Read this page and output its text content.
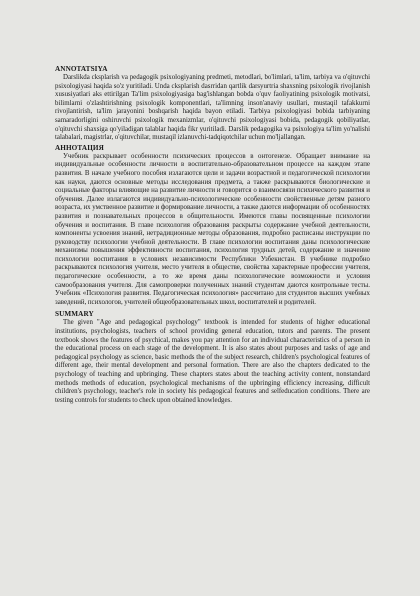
ANNOTATSIYA

Darslikda cksplarish va pedagogik psixologiyaning predmeti, metodlari, bo'limlari, ta'lim, tarbiya va o'qituvchi psixologiyasi haqida so'z yuritiladi. Unda cksplarish dasrridan qartlik darsyurtria shaxsning psixologik rivojlanish xususiyatlari aks ettirilgan Ta'lim psixologiyasiga bag'ishlangan bobda o'quv faoliyatining psixologik motivatsi, bilimlarni o'zlashtirishning psixologik komponentlari, ta'limning inson'anaviy usullari, mustaqil tafakkurni rivojlantirish, ta'lim jarayonini boshqarish haqida bayon etiladi. Tarbiya psixologiyasi bobida tarbiyaning samaradorligini oshiruvchi psixologik mexanizmlar, o'qituvchi psixologiyasi bobida, pedagogik qobiliyatlar, o'qituvchi shaxsiga qo'yiladigan talablar haqida fikr yuritiladi. Darslik pedagogika va psixologiya ta'lim yo'nalishi talabalari, magistrlar, o'qituvchilar, mustaqil izlanuvchi-tadqiqotchilar uchun mo'ljallangan.

АННОТАЦИЯ

Учебник раскрывает особенности психических процессов в онтогенезе. Обращает внимание на индивидуальные особенности личности в воспитательно-образовательном процессе на каждом этапе развития. В начале учебного пособия излагаются цели и задачи возрастной и педагогической психологии как науки, даются основные методы исследования предмета, а также раскрываются биологические и социальные факторы влияющие на развитие личности и говорится о взаимосвязи психического развития и обучения. Далее излагаются индивидуально-психологические особенности свойственные детям разного возраста, их умственное развитие и формирование личности, а также даются информации об особенностях развития и познавательных процессов в общительности. Имеются главы посвященные психологии обучения и воспитания. В главе психология образования раскрыты содержание учебной деятельности, компоненты усвоения знаний, нетрадиционные методы образования, подробно расписаны инструкции по руководству психологии учебной деятельности. В главе психологии воспитания даны психологические механизмы повышения эффективности воспитания, психология трудных детей, содержание и значение психологии воспитания в условиях независимости Республики Узбекистан. В учебнике подробно раскрываются психология учителя, место учителя в обществе, свойства характерные профессии учителя, педагогические особенности, а то же время даны психологические возможности и условия самообразования учителя. Для самопроверки полученных знаний студентам даются контрольные тесты. Учебник «Психология развития. Педагогическая психология» рассчитано для студентов высших учебных заведений, психологов, учителей общеобразовательных школ, воспитателей и родителей.

SUMMARY

The given "Age and pedagogical psychology" textbook is intended for students of higher educational institutions, psychologists, teachers of school providing general education, tutors and parents. The present textbook shows the features of psychical, makes you pay attention for an individual characteristics of a person in the educational process on each stage of the development. It is also states about purposes and tasks of age and pedagogical psychology as science, basic methods the of the subject research, children's psychological features of different age, their mental development and personal formation. There are also the chapters dedicated to the psychology of teaching and upbringing. These chapters states about the teaching activity content, nonstandard methods methods of education, psychological mechanisms of the upbringing efficiency increasing, difficult children's psychology, teacher's role in society his pedagogical features and selfeducation conditions. There are testing controls for students to check upon obtained knowledges.
